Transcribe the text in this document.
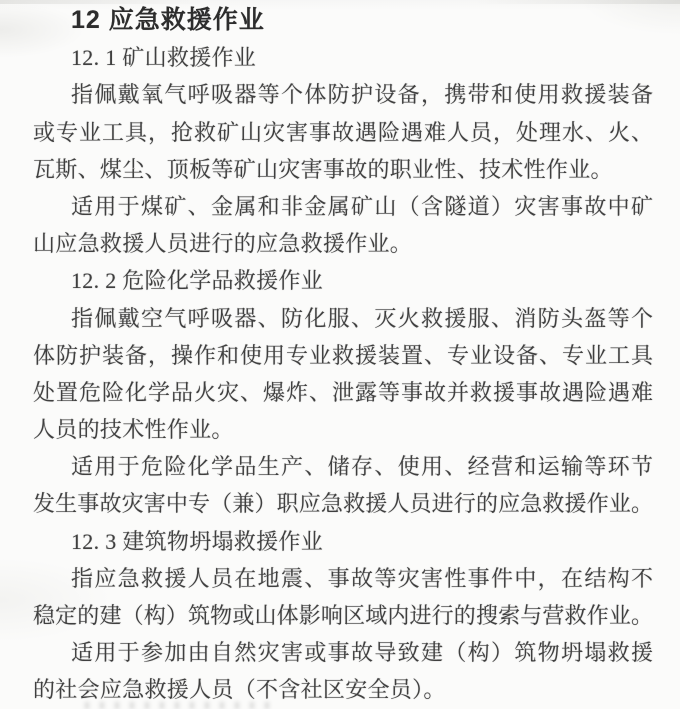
12 应急救援作业
12. 1 矿山救援作业
指佩戴氧气呼吸器等个体防护设备，携带和使用救援装备
或专业工具，抢救矿山灾害事故遇险遇难人员，处理水、火、
瓦斯、煤尘、顶板等矿山灾害事故的职业性、技术性作业。
适用于煤矿、金属和非金属矿山（含隧道）灾害事故中矿
山应急救援人员进行的应急救援作业。
12. 2 危险化学品救援作业
指佩戴空气呼吸器、防化服、灭火救援服、消防头盔等个
体防护装备，操作和使用专业救援装置、专业设备、专业工具
处置危险化学品火灾、爆炸、泄露等事故并救援事故遇险遇难
人员的技术性作业。
适用于危险化学品生产、储存、使用、经营和运输等环节
发生事故灾害中专（兼）职应急救援人员进行的应急救援作业。
12. 3 建筑物坍塌救援作业
指应急救援人员在地震、事故等灾害性事件中，在结构不
稳定的建（构）筑物或山体影响区域内进行的搜索与营救作业。
适用于参加由自然灾害或事故导致建（构）筑物坍塌救援
的社会应急救援人员（不含社区安全员）。
